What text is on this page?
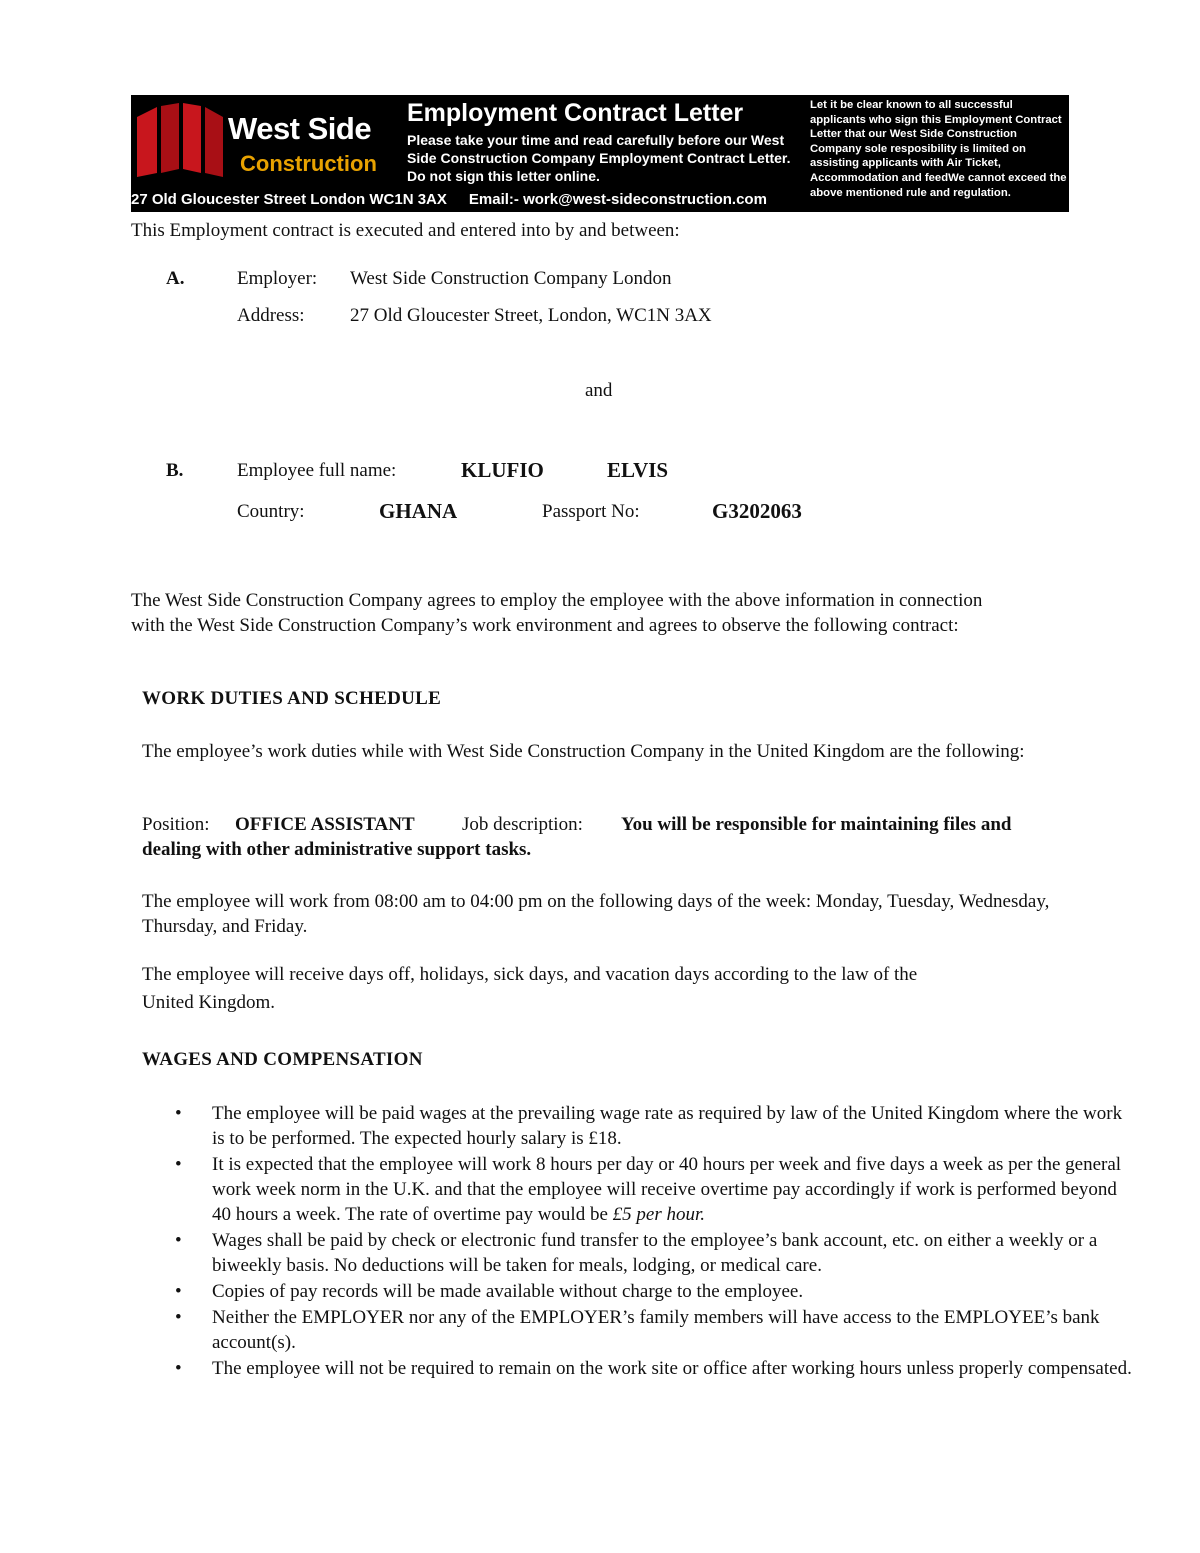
West Side
Construction
27 Old Gloucester Street London WC1N 3AX Email:- work@west-sideconstruction.com
Employment Contract Letter
Please take your time and read carefully before our West Side Construction Company Employment Contract Letter. Do not sign this letter online.
Let it be clear known to all successful applicants who sign this Employment Contract Letter that our West Side Construction Company sole resposibility is limited on assisting applicants with Air Ticket, Accommodation and feedWe cannot exceed the above mentioned rule and regulation.
This Employment contract is executed and entered into by and between:
A.	Employer: West Side Construction Company London
Address: 27 Old Gloucester Street, London, WC1N 3AX
and
B.	Employee full name:	KLUFIO	ELVIS
Country:	GHANA	Passport No:	G3202063
The West Side Construction Company agrees to employ the employee with the above information in connection with the West Side Construction Company’s work environment and agrees to observe the following contract:
WORK DUTIES AND SCHEDULE
The employee’s work duties while with West Side Construction Company in the United Kingdom are the following:
Position: OFFICE ASSISTANT Job description: You will be responsible for maintaining files and
dealing with other administrative support tasks.
The employee will work from 08:00 am to 04:00 pm on the following days of the week: Monday, Tuesday, Wednesday, Thursday, and Friday.
The employee will receive days off, holidays, sick days, and vacation days according to the law of the
United Kingdom.
WAGES AND COMPENSATION
• The employee will be paid wages at the prevailing wage rate as required by law of the United Kingdom where the work is to be performed. The expected hourly salary is £18.
• It is expected that the employee will work 8 hours per day or 40 hours per week and five days a week as per the general work week norm in the U.K. and that the employee will receive overtime pay accordingly if work is performed beyond 40 hours a week. The rate of overtime pay would be £5 per hour.
• Wages shall be paid by check or electronic fund transfer to the employee’s bank account, etc. on either a weekly or a biweekly basis. No deductions will be taken for meals, lodging, or medical care.
• Copies of pay records will be made available without charge to the employee.
• Neither the EMPLOYER nor any of the EMPLOYER’s family members will have access to the EMPLOYEE’s bank account(s).
• The employee will not be required to remain on the work site or office after working hours unless properly compensated.
